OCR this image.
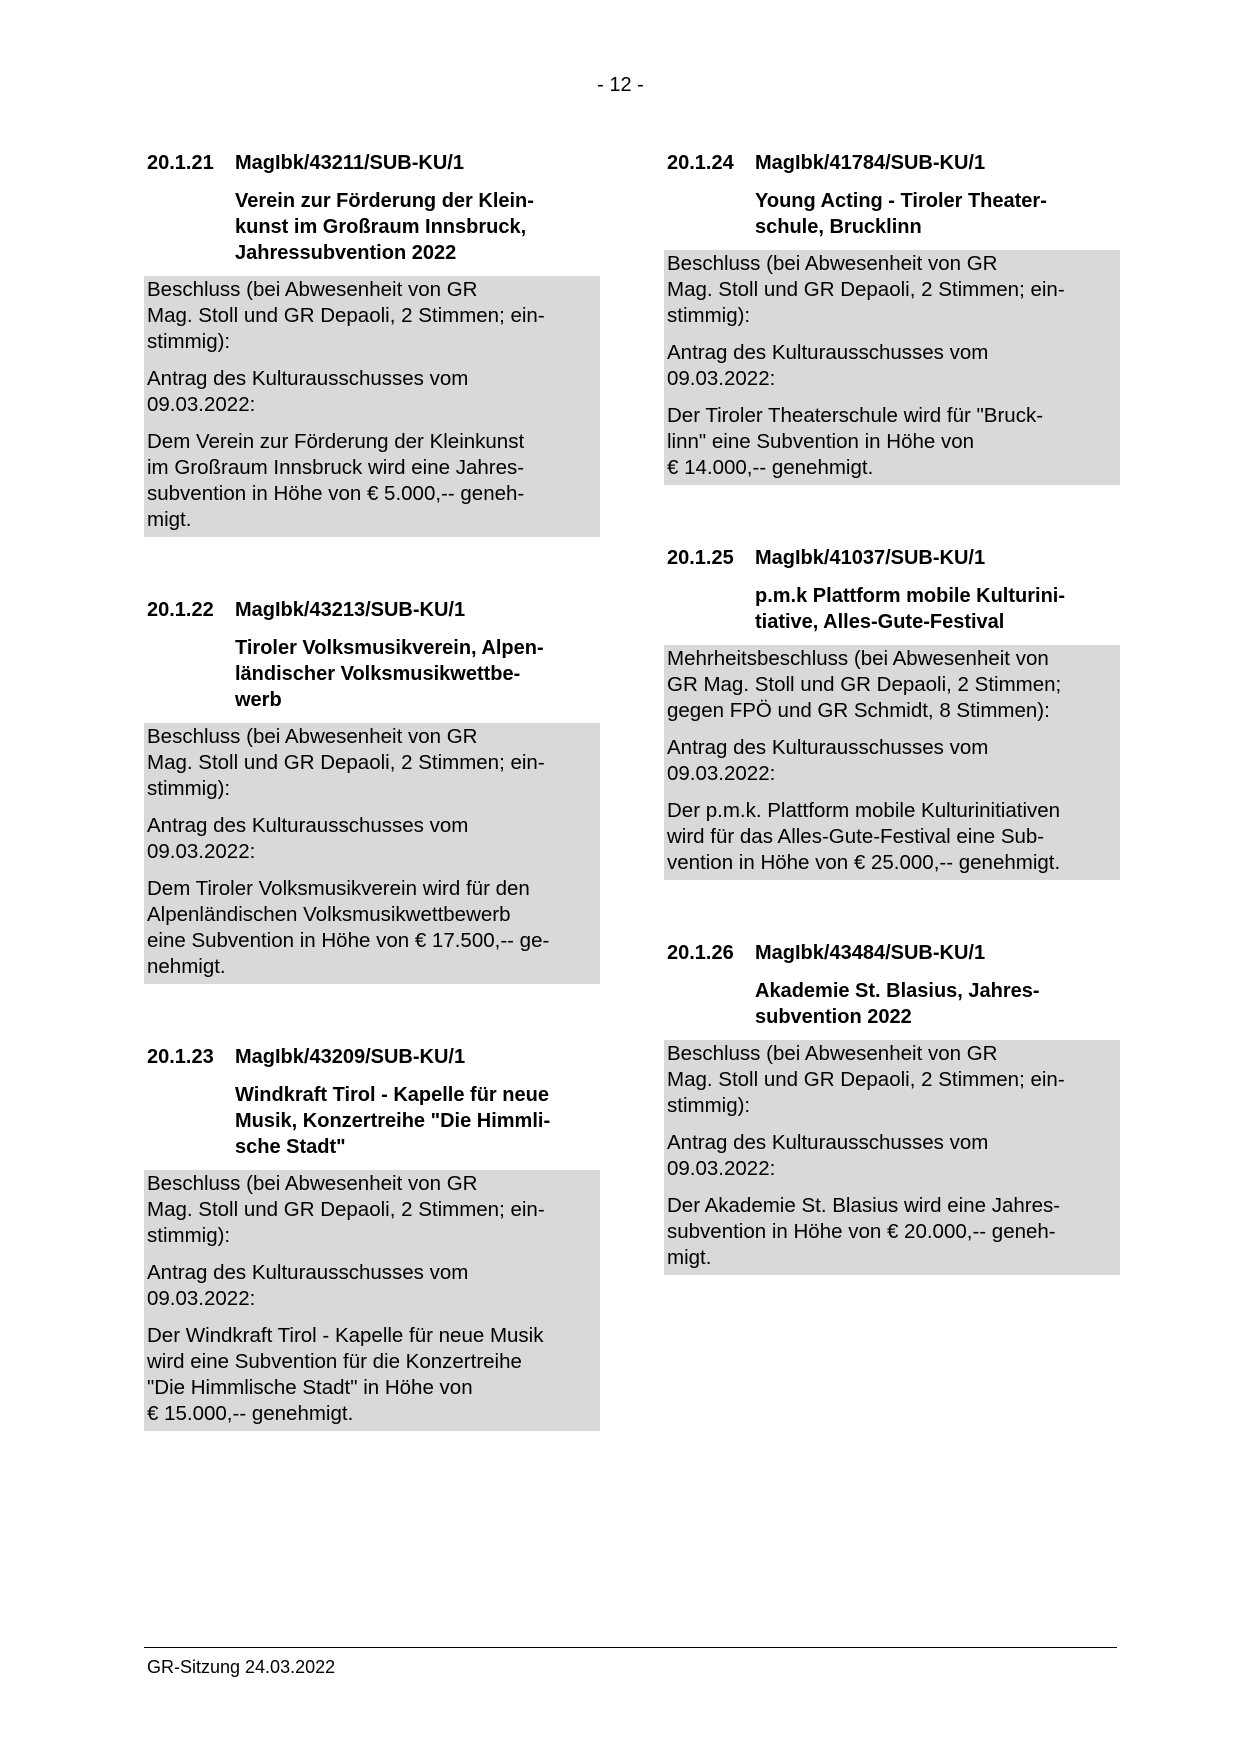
- 12 -
20.1.21 MagIbk/43211/SUB-KU/1
Verein zur Förderung der Klein-
kunst im Großraum Innsbruck,
Jahressubvention 2022
Beschluss (bei Abwesenheit von GR
Mag. Stoll und GR Depaoli, 2 Stimmen; ein-
stimmig):
Antrag des Kulturausschusses vom
09.03.2022:
Dem Verein zur Förderung der Kleinkunst
im Großraum Innsbruck wird eine Jahres-
subvention in Höhe von € 5.000,-- geneh-
migt.
20.1.22 MagIbk/43213/SUB-KU/1
Tiroler Volksmusikverein, Alpen-
ländischer Volksmusikwettbe-
werb
Beschluss (bei Abwesenheit von GR
Mag. Stoll und GR Depaoli, 2 Stimmen; ein-
stimmig):
Antrag des Kulturausschusses vom
09.03.2022:
Dem Tiroler Volksmusikverein wird für den
Alpenländischen Volksmusikwettbewerb
eine Subvention in Höhe von € 17.500,-- ge-
nehmigt.
20.1.23 MagIbk/43209/SUB-KU/1
Windkraft Tirol - Kapelle für neue
Musik, Konzertreihe "Die Himmli-
sche Stadt"
Beschluss (bei Abwesenheit von GR
Mag. Stoll und GR Depaoli, 2 Stimmen; ein-
stimmig):
Antrag des Kulturausschusses vom
09.03.2022:
Der Windkraft Tirol - Kapelle für neue Musik
wird eine Subvention für die Konzertreihe
"Die Himmlische Stadt" in Höhe von
€ 15.000,-- genehmigt.
20.1.24 MagIbk/41784/SUB-KU/1
Young Acting - Tiroler Theater-
schule, Brucklinn
Beschluss (bei Abwesenheit von GR
Mag. Stoll und GR Depaoli, 2 Stimmen; ein-
stimmig):
Antrag des Kulturausschusses vom
09.03.2022:
Der Tiroler Theaterschule wird für "Bruck-
linn" eine Subvention in Höhe von
€ 14.000,-- genehmigt.
20.1.25 MagIbk/41037/SUB-KU/1
p.m.k Plattform mobile Kulturini-
tiative, Alles-Gute-Festival
Mehrheitsbeschluss (bei Abwesenheit von
GR Mag. Stoll und GR Depaoli, 2 Stimmen;
gegen FPÖ und GR Schmidt, 8 Stimmen):
Antrag des Kulturausschusses vom
09.03.2022:
Der p.m.k. Plattform mobile Kulturinitiativen
wird für das Alles-Gute-Festival eine Sub-
vention in Höhe von € 25.000,-- genehmigt.
20.1.26 MagIbk/43484/SUB-KU/1
Akademie St. Blasius, Jahres-
subvention 2022
Beschluss (bei Abwesenheit von GR
Mag. Stoll und GR Depaoli, 2 Stimmen; ein-
stimmig):
Antrag des Kulturausschusses vom
09.03.2022:
Der Akademie St. Blasius wird eine Jahres-
subvention in Höhe von € 20.000,-- geneh-
migt.
GR-Sitzung 24.03.2022
